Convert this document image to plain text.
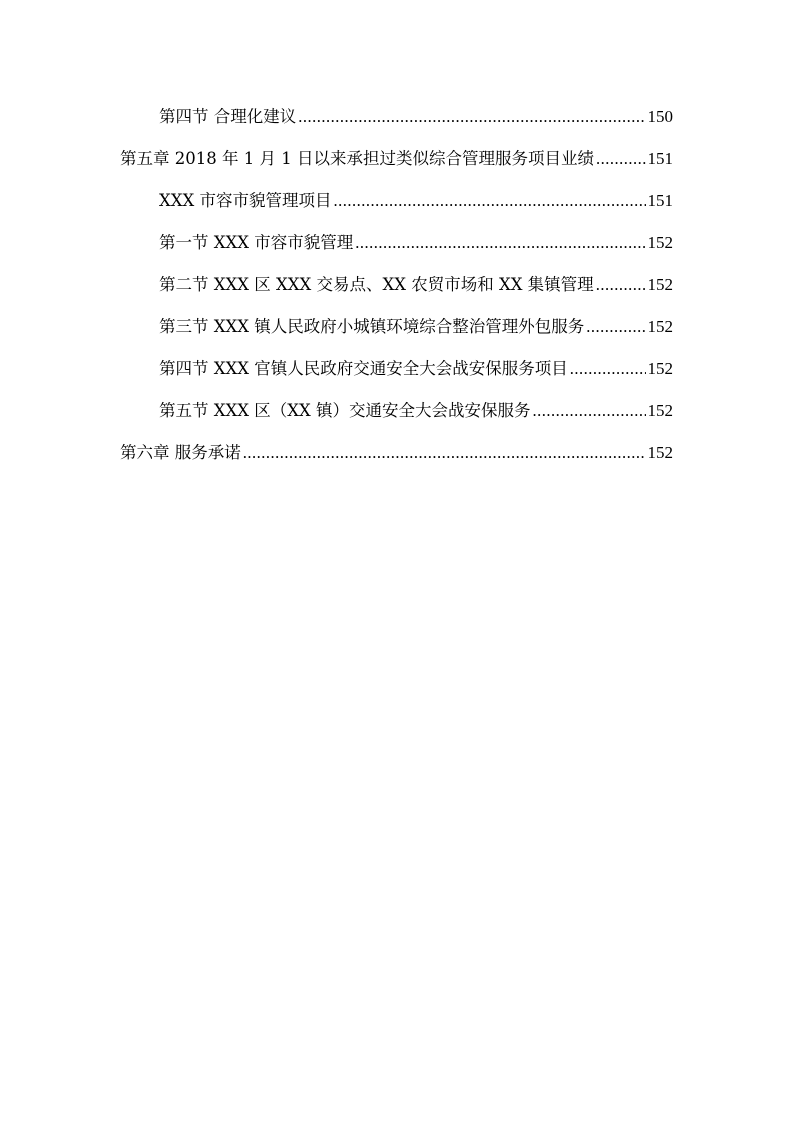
第四节 合理化建议 .....	150
第五章 2018 年 1 月 1 日以来承担过类似综合管理服务项目业绩 .....	151
XXX 市容市貌管理项目 .....	151
第一节 XXX 市容市貌管理 .....	152
第二节 XXX 区 XXX 交易点、XX 农贸市场和 XX 集镇管理 .....	152
第三节 XXX 镇人民政府小城镇环境综合整治管理外包服务 .....	152
第四节 XXX 官镇人民政府交通安全大会战安保服务项目 .....	152
第五节 XXX 区（XX 镇）交通安全大会战安保服务 .....	152
第六章 服务承诺 .....	152
